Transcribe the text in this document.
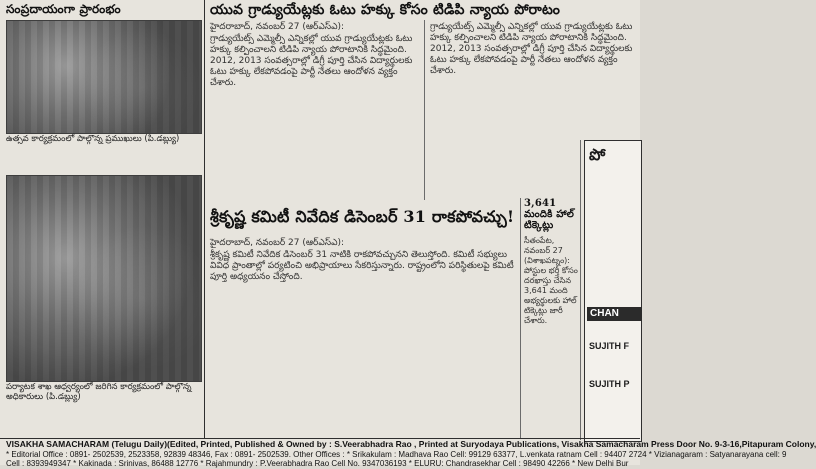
సంప్రదాయంగా ప్రారంభం	యువ గ్రాడ్యుయేట్లకు ఓటు హక్కు కోసం టిడిపి న్యాయ పోరాటం
ఉత్సవ కార్యక్రమంలో పాల్గొన్న ప్రముఖులు (పి.డబ్ల్యు)
పర్యాటక శాఖ ఆధ్వర్యంలో జరిగిన కార్యక్రమంలో పాల్గొన్న అధికారులు (పి.డబ్ల్యు)
హైదరాబాద్, నవంబర్ 27 (ఆర్ఎస్ఎ):
గ్రాడ్యుయేట్స్ ఎమ్మెల్సీ ఎన్నికల్లో యువ గ్రాడ్యుయేట్లకు ఓటు హక్కు కల్పించాలని టిడిపి న్యాయ పోరాటానికి సిద్ధమైంది. 2012, 2013 సంవత్సరాల్లో డిగ్రీ పూర్తి చేసిన విద్యార్థులకు ఓటు హక్కు లేకపోవడంపై పార్టీ నేతలు ఆందోళన వ్యక్తం చేశారు.
గ్రాడ్యుయేట్స్ ఎమ్మెల్సీ ఎన్నికల్లో యువ గ్రాడ్యుయేట్లకు ఓటు హక్కు కల్పించాలని టిడిపి న్యాయ పోరాటానికి సిద్ధమైంది. 2012, 2013 సంవత్సరాల్లో డిగ్రీ పూర్తి చేసిన విద్యార్థులకు ఓటు హక్కు లేకపోవడంపై పార్టీ నేతలు ఆందోళన వ్యక్తం చేశారు.
శ్రీకృష్ణ కమిటీ నివేదిక డిసెంబర్ 31 రాకపోవచ్చు!
హైదరాబాద్, నవంబర్ 27 (ఆర్ఎస్ఎ):
శ్రీకృష్ణ కమిటీ నివేదిక డిసెంబర్ 31 నాటికి రాకపోవచ్చునని తెలుస్తోంది. కమిటీ సభ్యులు వివిధ ప్రాంతాల్లో పర్యటించి అభిప్రాయాలు సేకరిస్తున్నారు. రాష్ట్రంలోని పరిస్థితులపై కమిటీ పూర్తి అధ్యయనం చేస్తోంది.
3,641 మందికి హాల్ టిక్కెట్లు
సీతంపేట, నవంబర్ 27 (విశాఖపట్నం): పోస్టుల భర్తీ కోసం దరఖాస్తు చేసిన 3,641 మంది అభ్యర్థులకు హాల్ టిక్కెట్లు జారీ చేశారు.
పో
CHAN
SUJITH F
SUJITH P
VISAKHA SAMACHARAM (Telugu Daily)(Edited, Printed, Published & Owned by : S.Veerabhadra Rao , Printed at Suryodaya Publications, Visakha Samacharam Press Door No. 9-3-16,Pitapuram Colony,
* Editorial Office : 0891- 2502539, 2523358, 92839 48346, Fax : 0891- 2502539. Other Offices : * Srikakulam : Madhava Rao Cell: 99129 63377, L.venkata ratnam Cell : 94407 2724 * Vizianagaram : Satyanarayana cell: 9
Cell : 8393949347 * Kakinada : Srinivas, 86488 12776 * Rajahmundry : P.Veerabhadra Rao Cell No. 9347036193 * ELURU: Chandrasekhar Cell : 98490 42266 * New Delhi Bur
